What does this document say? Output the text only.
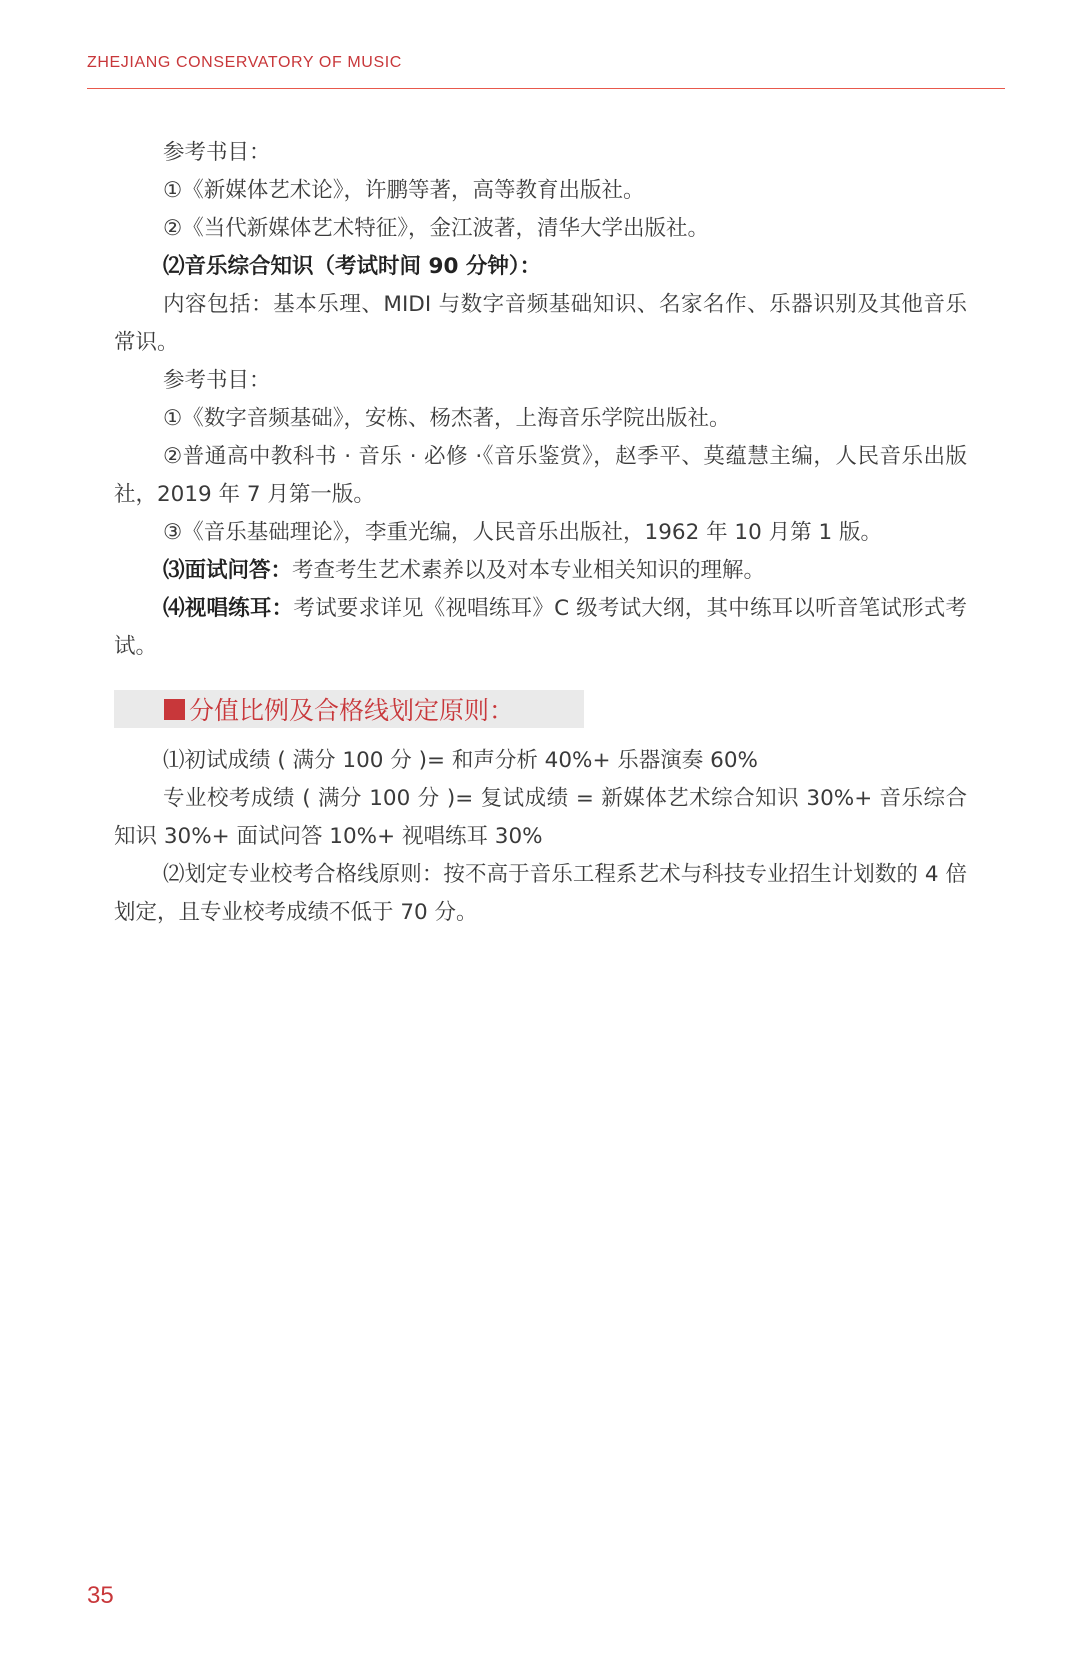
ZHEJIANG CONSERVATORY OF MUSIC

参考书目：

①《新媒体艺术论》，许鹏等著，高等教育出版社。

②《当代新媒体艺术特征》，金江波著，清华大学出版社。

⑵音乐综合知识（考试时间 90 分钟）：

内容包括：基本乐理、MIDI 与数字音频基础知识、名家名作、乐器识别及其他音乐常识。

参考书目：

①《数字音频基础》，安栋、杨杰著，上海音乐学院出版社。

②普通高中教科书 · 音乐 · 必修 ·《音乐鉴赏》，赵季平、莫蕴慧主编，人民音乐出版社，2019 年 7 月第一版。

③《音乐基础理论》，李重光编，人民音乐出版社，1962 年 10 月第 1 版。

⑶面试问答：考查考生艺术素养以及对本专业相关知识的理解。

⑷视唱练耳：考试要求详见《视唱练耳》C 级考试大纲，其中练耳以听音笔试形式考试。

分值比例及合格线划定原则：

⑴初试成绩 ( 满分 100 分 )= 和声分析 40%+ 乐器演奏 60%

专业校考成绩 ( 满分 100 分 )= 复试成绩 = 新媒体艺术综合知识 30%+ 音乐综合知识 30%+ 面试问答 10%+ 视唱练耳 30%

⑵划定专业校考合格线原则：按不高于音乐工程系艺术与科技专业招生计划数的 4 倍划定，且专业校考成绩不低于 70 分。

35
